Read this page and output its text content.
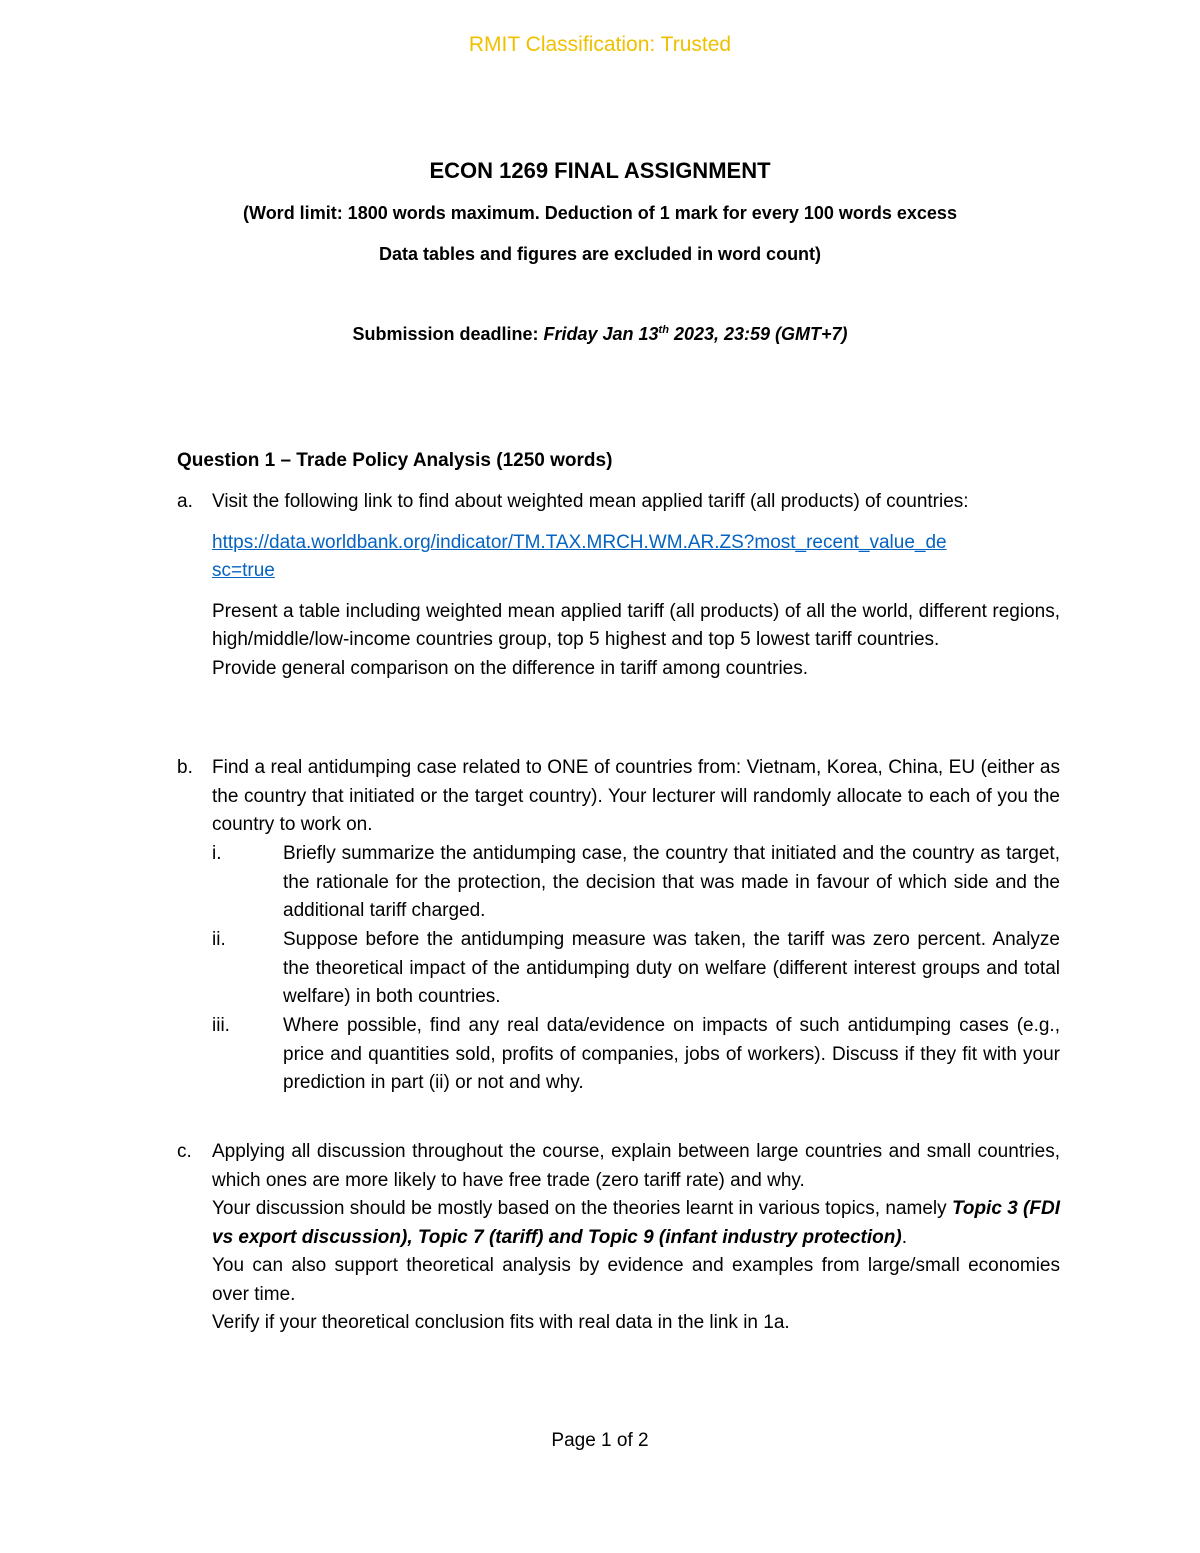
RMIT Classification: Trusted
ECON 1269 FINAL ASSIGNMENT
(Word limit: 1800 words maximum. Deduction of 1 mark for every 100 words excess
Data tables and figures are excluded in word count)
Submission deadline: Friday Jan 13th 2023, 23:59 (GMT+7)
Question 1 – Trade Policy Analysis (1250 words)
a. Visit the following link to find about weighted mean applied tariff (all products) of countries:

https://data.worldbank.org/indicator/TM.TAX.MRCH.WM.AR.ZS?most_recent_value_de
sc=true

Present a table including weighted mean applied tariff (all products) of all the world, different regions, high/middle/low-income countries group, top 5 highest and top 5 lowest tariff countries.

Provide general comparison on the difference in tariff among countries.

b. Find a real antidumping case related to ONE of countries from: Vietnam, Korea, China, EU (either as the country that initiated or the target country). Your lecturer will randomly allocate to each of you the country to work on.

i.	Briefly summarize the antidumping case, the country that initiated and the country as target, the rationale for the protection, the decision that was made in favour of which side and the additional tariff charged.
ii.	Suppose before the antidumping measure was taken, the tariff was zero percent. Analyze the theoretical impact of the antidumping duty on welfare (different interest groups and total welfare) in both countries.
iii.	Where possible, find any real data/evidence on impacts of such antidumping cases (e.g., price and quantities sold, profits of companies, jobs of workers). Discuss if they fit with your prediction in part (ii) or not and why.
c. Applying all discussion throughout the course, explain between large countries and small countries, which ones are more likely to have free trade (zero tariff rate) and why.

Your discussion should be mostly based on the theories learnt in various topics, namely Topic 3 (FDI vs export discussion), Topic 7 (tariff) and Topic 9 (infant industry protection).

You can also support theoretical analysis by evidence and examples from large/small economies over time.

Verify if your theoretical conclusion fits with real data in the link in 1a.

Page 1 of 2
